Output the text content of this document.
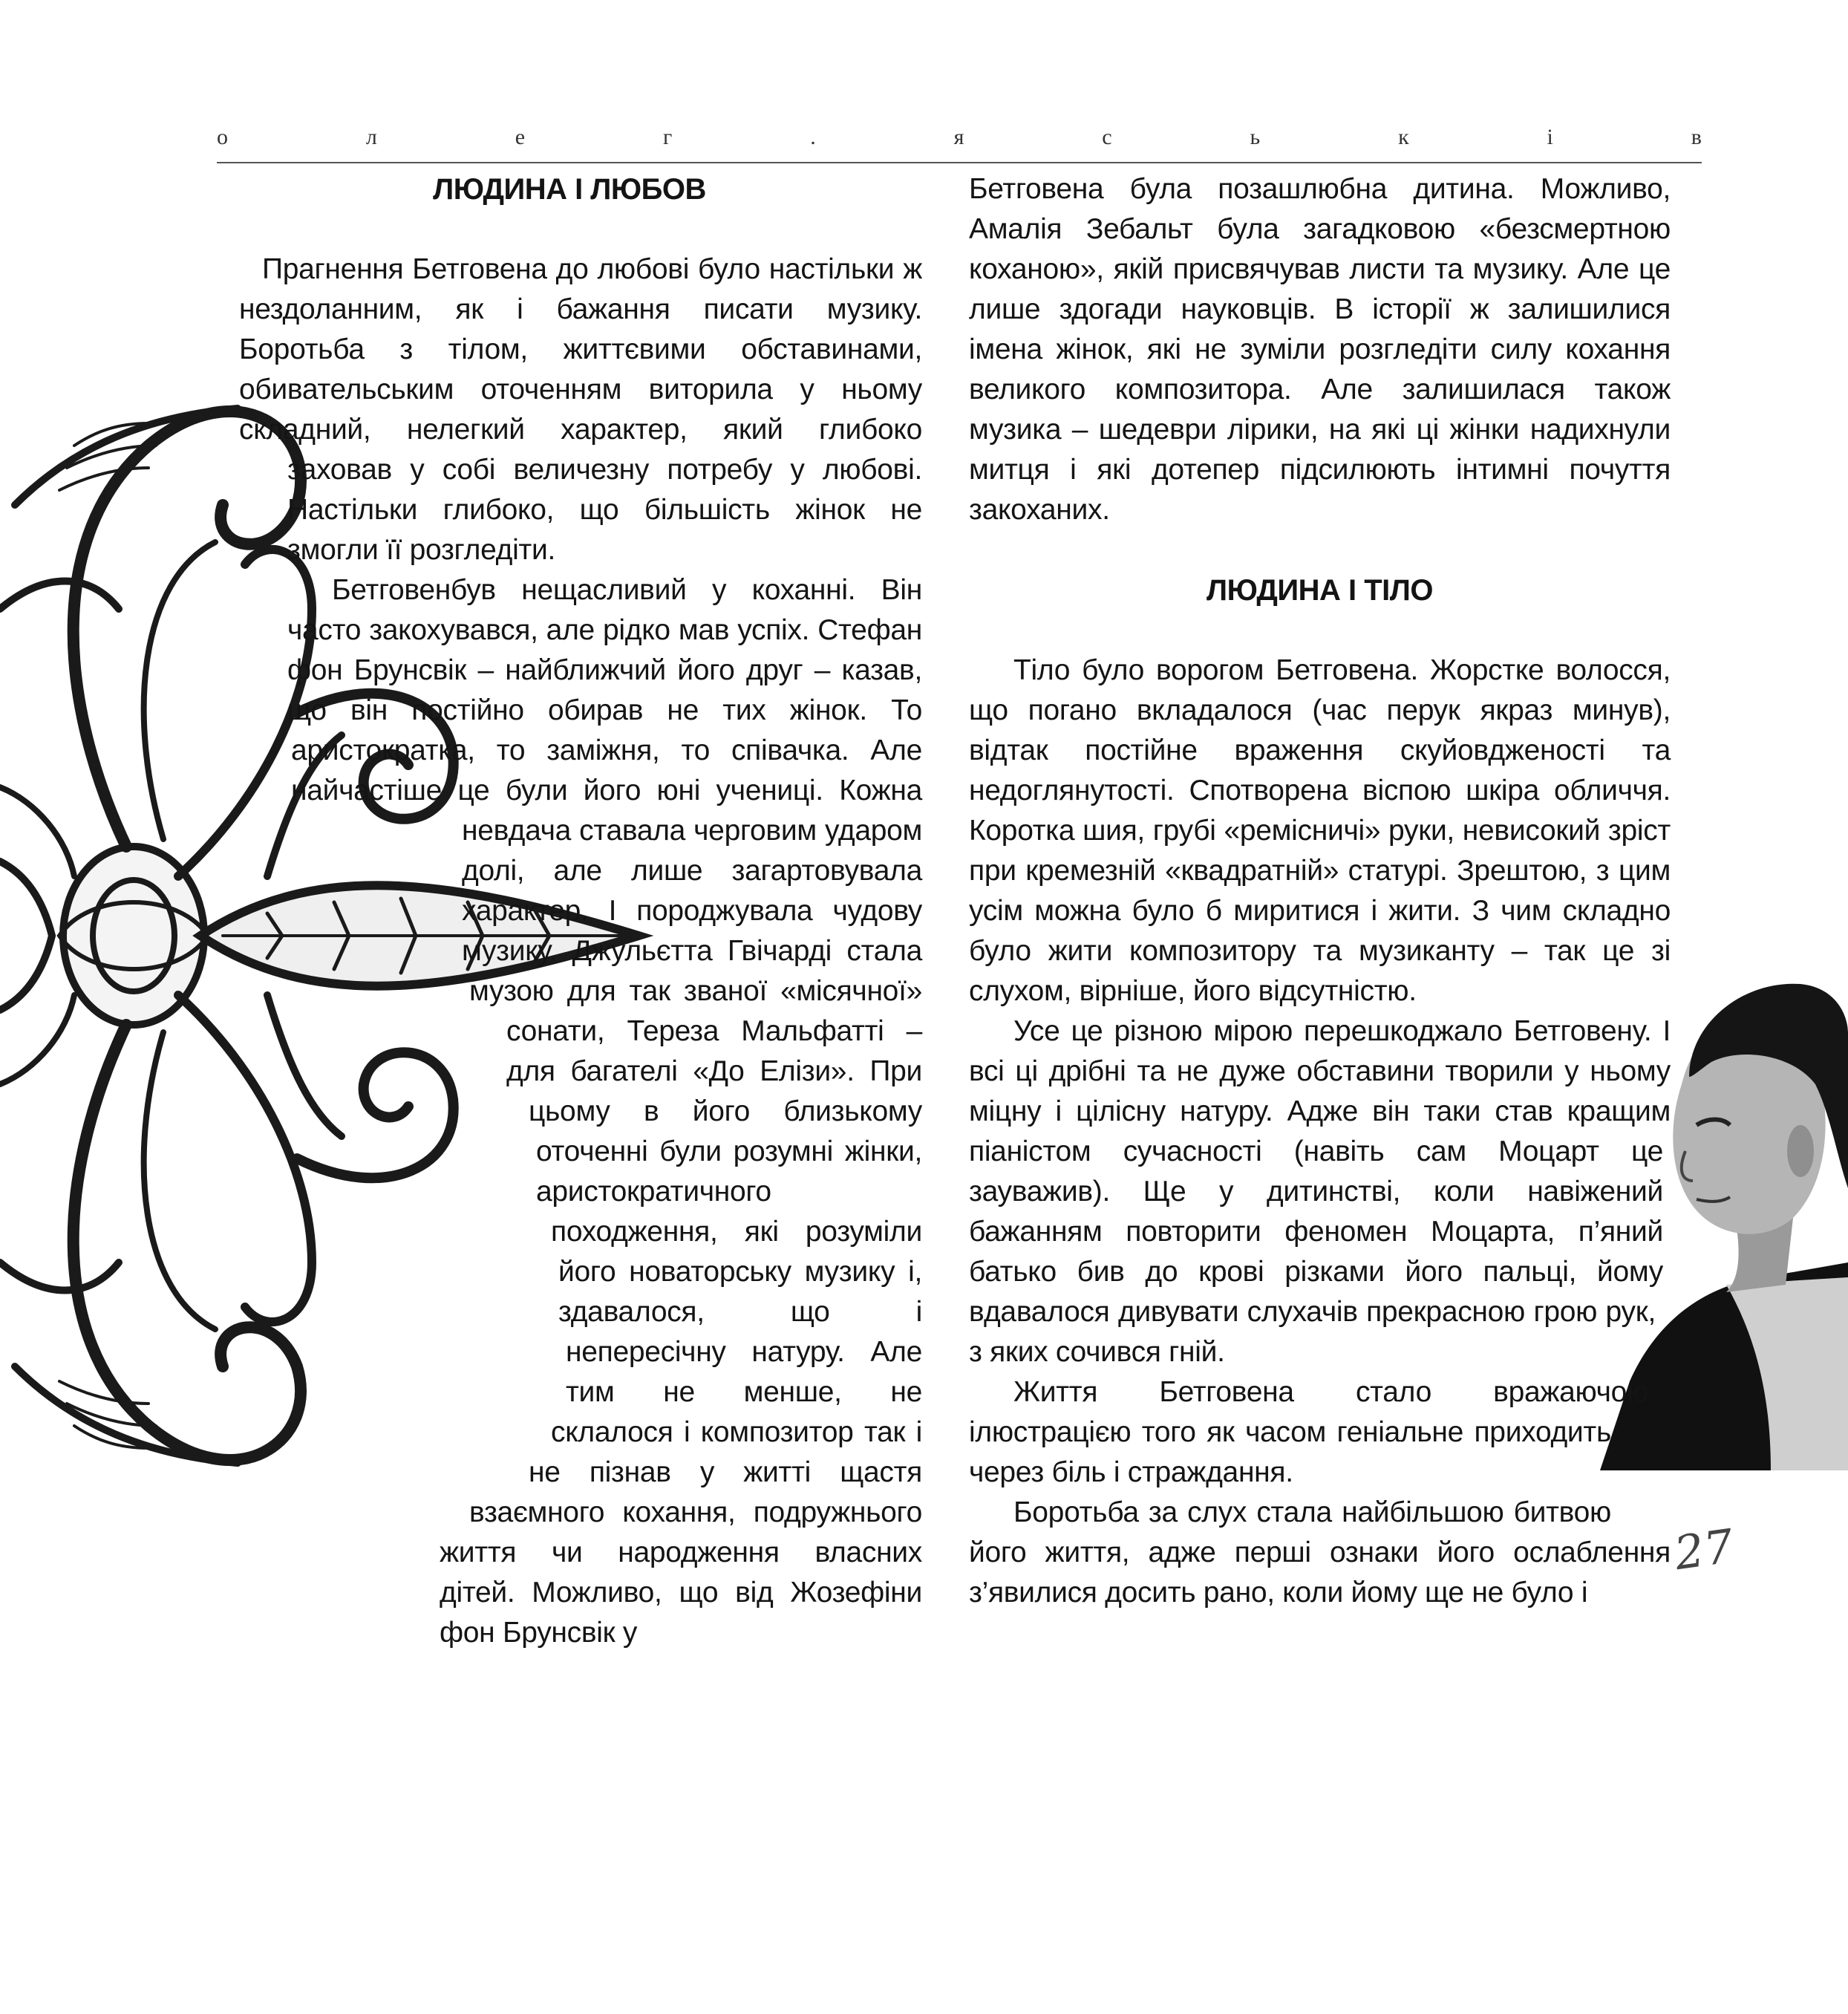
о	л	е	г	.	я	с	ь	к	і	в
ЛЮДИНА І ЛЮБОВ

Прагнення Бетговена до любові було настільки ж нездоланним, як і бажання писати музику. Боротьба з тілом, життєвими обставинами, обивательським оточенням виторила у ньому складний, нелегкий характер, який глибоко заховав у собі величезну потребу у любові. Настільки глибоко, що більшість жінок не змогли її розгледіти.

Бетговенбув нещасливий у коханні. Він часто закохувався, але рідко мав успіх. Стефан фон Брунсвік – найближчий його друг – казав, що він постійно обирав не тих жінок. То аристократка, то заміжня, то співачка. Але найчастіше це були його юні учениці. Кожна невдача ставала черговим ударом долі, але лише загартовувала характер. І породжувала чудову музику. Джульєтта Гвічарді стала музою для так званої «місячної» сонати, Тереза Мальфатті – для багателі «До Елізи». При цьому в його близькому оточенні були розумні жінки, аристократичного походження, які розуміли його новаторську музику і, здавалося, що і непересічну натуру. Але тим не менше, не склалося і композитор так і не пізнав у житті щастя взаємного кохання, подружнього життя чи народження власних дітей. Можливо, що від Жозефіни фон Брунсвік у

Бетговена була позашлюбна дитина. Можливо, Амалія Зебальт була загадковою «безсмертною коханою», якій присвячував листи та музику. Але це лише здогади науковців. В історії ж залишилися імена жінок, які не зуміли розгледіти силу кохання великого композитора. Але залишилася також музика – шедеври лірики, на які ці жінки надихнули митця і які дотепер підсилюють інтимні почуття закоханих.

ЛЮДИНА І ТІЛО

Тіло було ворогом Бетговена. Жорстке волосся, що погано вкладалося (час перук якраз минув), відтак постійне враження скуйовдженості та недоглянутості. Спотворена віспою шкіра обличчя. Коротка шия, грубі «ремісничі» руки, невисокий зріст при кремезній «квадратній» статурі. Зрештою, з цим усім можна було б миритися і жити. З чим складно було жити композитору та музиканту – так це зі слухом, вірніше, його відсутністю.

Усе це різною мірою перешкоджало Бетговену. І всі ці дрібні та не дуже обставини творили у ньому міцну і цілісну натуру. Адже він таки став кращим піаністом сучасності (навіть сам Моцарт це зауважив). Ще у дитинстві, коли навіжений бажанням повторити феномен Моцарта, п’яний батько бив до крові різками його пальці, йому вдавалося дивувати слухачів прекрасною грою рук, з яких сочився гній.

Життя Бетговена стало вражаючою ілюстрацією того як часом геніальне приходить через біль і страждання.

Боротьба за слух стала найбільшою битвою його життя, адже перші ознаки його ослаблення з’явилися досить рано, коли йому ще не було і

27
